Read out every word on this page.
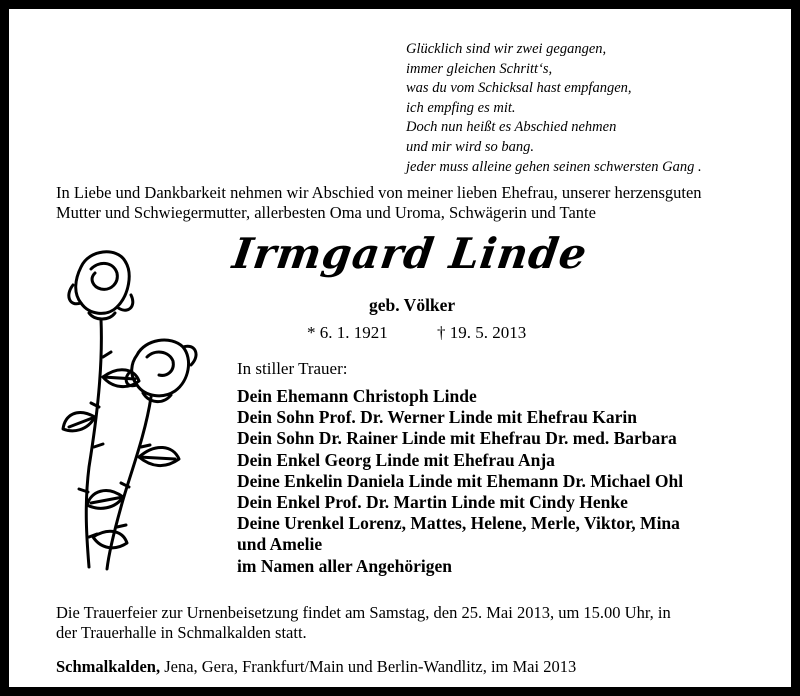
Glücklich sind wir zwei gegangen,
immer gleichen Schritt‘s,
was du vom Schicksal hast empfangen,
ich empfing es mit.
Doch nun heißt es Abschied nehmen
und mir wird so bang.
jeder muss alleine gehen seinen schwersten Gang .
In Liebe und Dankbarkeit nehmen wir Abschied von meiner lieben Ehefrau, unserer herzensguten
Mutter und Schwiegermutter, allerbesten Oma und Uroma, Schwägerin und Tante
Irmgard Linde
geb. Völker
* 6. 1. 1921	† 19. 5. 2013
In stiller Trauer:
Dein Ehemann Christoph Linde
Dein Sohn Prof. Dr. Werner Linde mit Ehefrau Karin
Dein Sohn Dr. Rainer Linde mit Ehefrau Dr. med. Barbara
Dein Enkel Georg Linde mit Ehefrau Anja
Deine Enkelin Daniela Linde mit Ehemann Dr. Michael Ohl
Dein Enkel Prof. Dr. Martin Linde mit Cindy Henke
Deine Urenkel Lorenz, Mattes, Helene, Merle, Viktor, Mina
und Amelie
im Namen aller Angehörigen
Die Trauerfeier zur Urnenbeisetzung findet am Samstag, den 25. Mai 2013, um 15.00 Uhr, in
der Trauerhalle in Schmalkalden statt.
Schmalkalden, Jena, Gera, Frankfurt/Main und Berlin-Wandlitz, im Mai 2013
